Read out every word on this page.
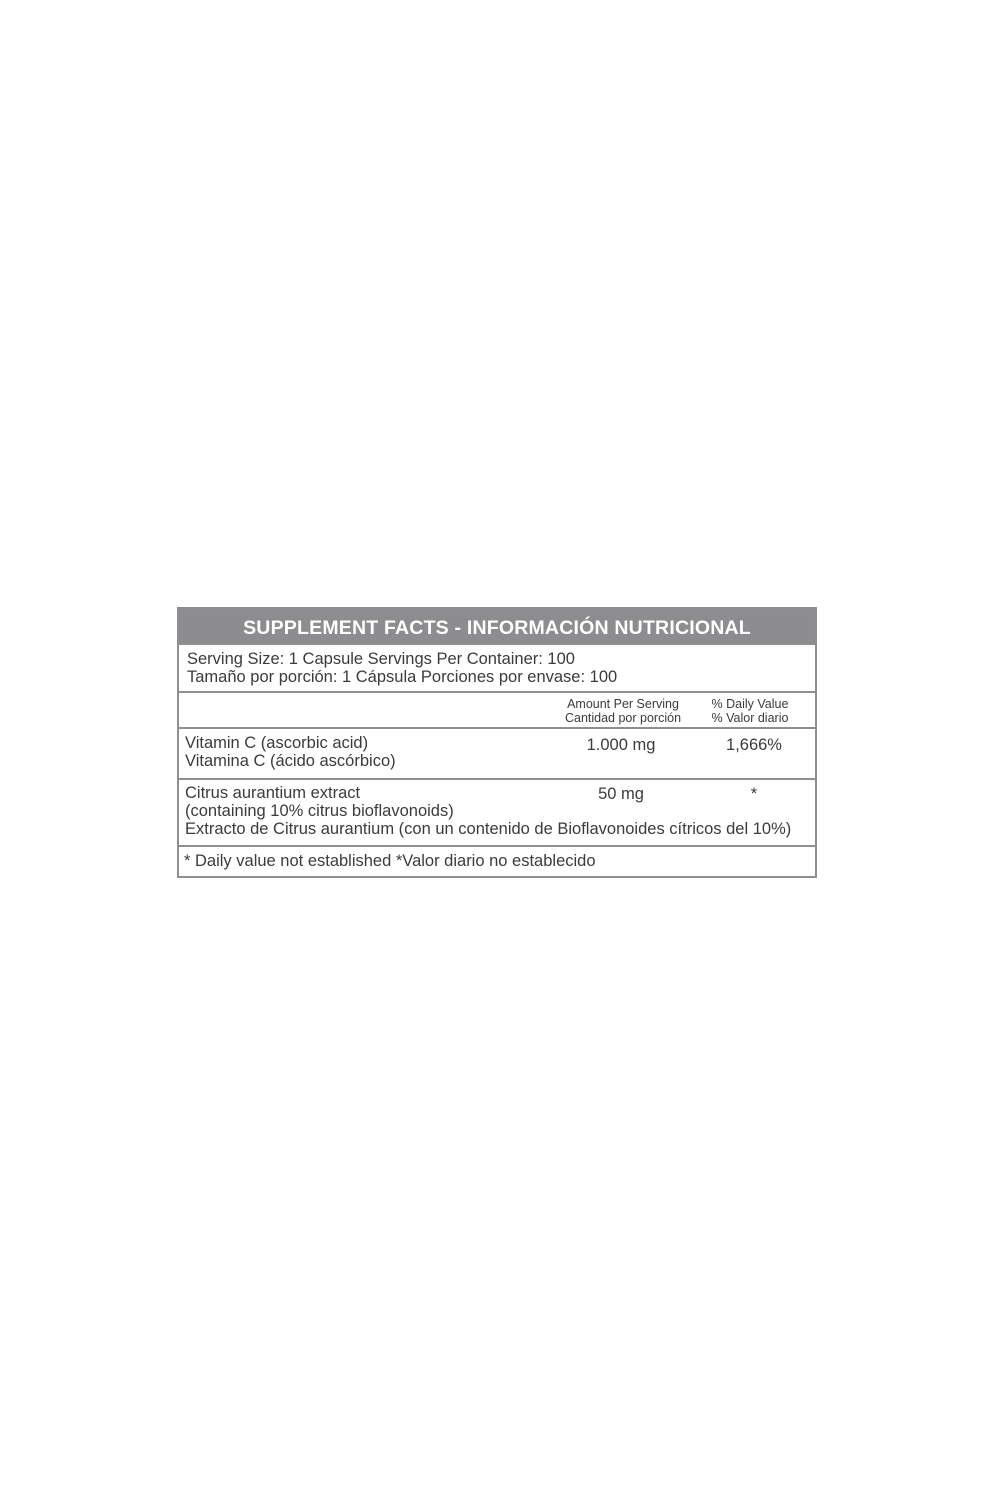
SUPPLEMENT FACTS - INFORMACIÓN NUTRICIONAL
Serving Size: 1 Capsule Servings Per Container: 100
Tamaño por porción: 1 Cápsula Porciones por envase: 100
Amount Per Serving
Cantidad por porción
% Daily Value
% Valor diario
Vitamin C (ascorbic acid)
Vitamina C (ácido ascórbico)
1.000 mg	1,666%
Citrus aurantium extract
(containing 10% citrus bioflavonoids)
Extracto de Citrus aurantium (con un contenido de Bioflavonoides cítricos del 10%)
50 mg	*
* Daily value not established *Valor diario no establecido
